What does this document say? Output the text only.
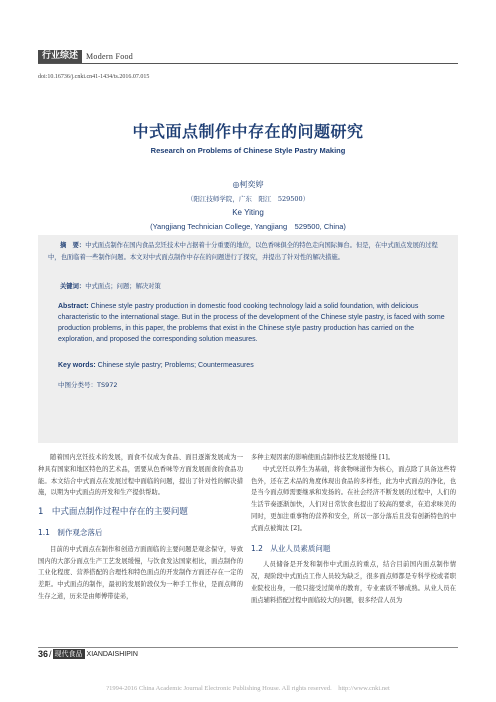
行业综述	Modern Food
doi:10.16736/j.cnki.cn41-1434/ts.2016.07.015
中式面点制作中存在的问题研究
Research on Problems of Chinese Style Pastry Making
◎柯奕婷
（阳江技师学院，广东　阳江　529500）
Ke Yiting
(Yangjiang Technician College, Yangjiang　529500, China)
摘　要：中式面点制作在国内食品烹饪技术中占据着十分重要的地位，以色香味俱全的特色走向国际舞台。但是，在中式面点发展的过程中，也面临着一些制作问题。本文对中式面点制作中存在的问题进行了探究，并提出了针对性的解决措施。
关键词：中式面点；问题；解决对策
Abstract: Chinese style pastry production in domestic food cooking technology laid a solid foundation, with delicious characteristic to the international stage. But in the process of the development of the Chinese style pastry, is faced with some production problems, in this paper, the problems that exist in the Chinese style pastry production has carried on the exploration, and proposed the corresponding solution measures.
Key words: Chinese style pastry; Problems; Countermeasures
中图分类号：TS972

随着国内烹饪技术的发展，面食不仅成为食品、面目逐渐发展成为一种具有国家和地区特色的艺术品，需要从色香味等方面发展面食的食品功能。本文结合中式面点在发展过程中面临的问题，提出了针对性的解决措施，以期为中式面点的开发和生产提供帮助。

1　中式面点制作过程中存在的主要问题
1.1　制作观念落后

目前的中式面点在制作和创造方面面临的主要问题是观念保守，导致国内的大部分面点生产工艺发展缓慢，与饮食发达国家相比，面点制作的工业化程度、营养搭配的合理性和特色面点的开发制作方面还存在一定的差距。中式面点的制作，最初的发展阶段仅为一种手工作业，是面点师的生存之道，历来是由师傅带徒弟，

多种主观因素的影响使面点制作技艺发展缓慢 [1]。

中式烹饪以养生为基础，将食物味道作为核心，面点除了具备这些特色外，还在艺术品的角度体现出食品的多样性，此为中式面点的净化，也是当今面点师需要继承和发扬的。在社会经济不断发展的过程中，人们的生活节奏逐渐加快，人们对日常饮食也提出了较高的要求，在追求味美的同时，更加注重事物的营养和安全，所以一部分落后且没有创新特色的中式面点被淘汰 [2]。

1.2　从业人员素质问题

人员储备是开发和制作中式面点的重点，结合目前国内面点制作情况，现阶段中式面点工作人员较为缺乏，很多面点师都是专科学校或者职业院校出身，一般只接受过简单的教育，专业素质不够成熟。从业人员在面点辅料搭配过程中面临较大的问题，很多经营人员为

36 / 现代食品 XIANDAISHIPIN
?1994-2016 China Academic Journal Electronic Publishing House. All rights reserved.　http://www.cnki.net
